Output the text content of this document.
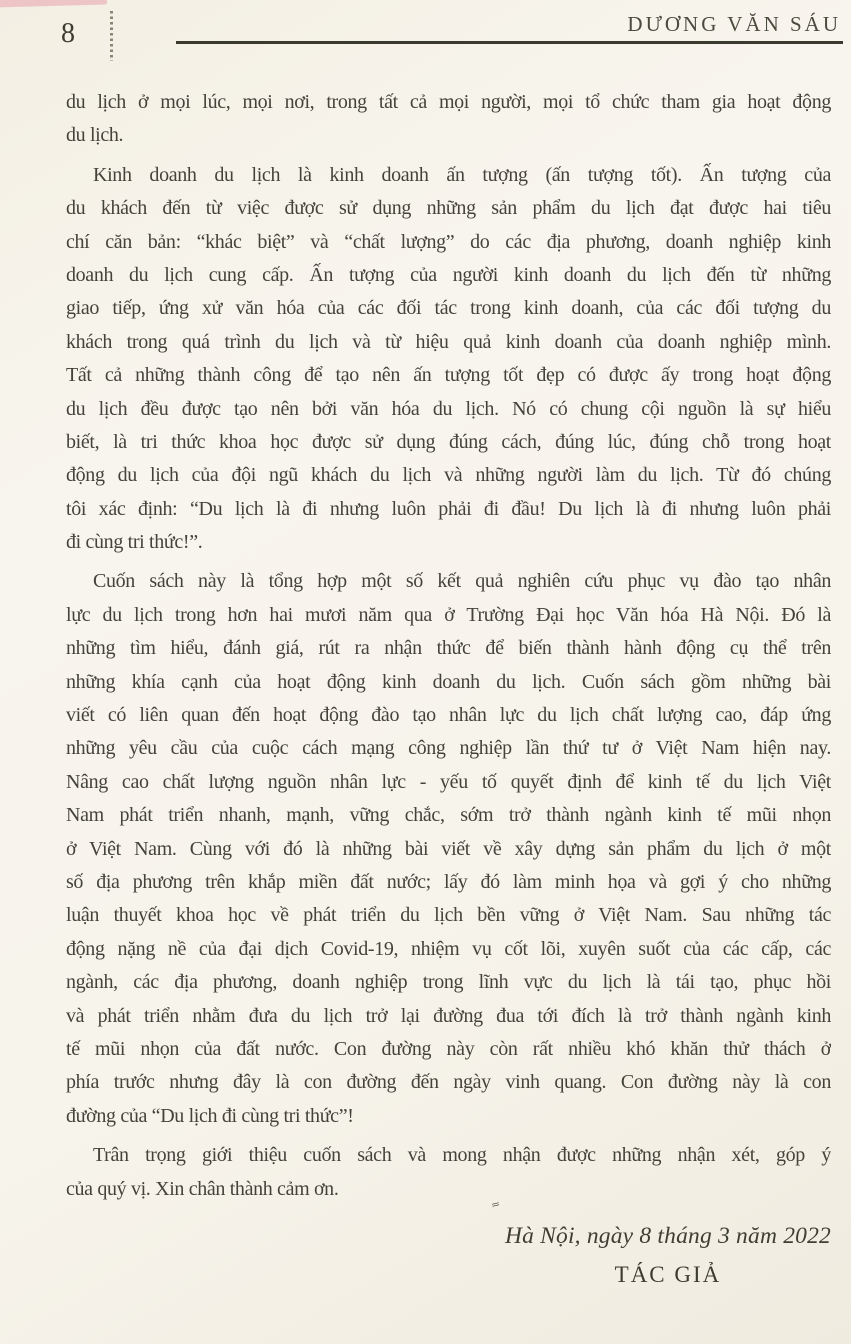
8	DƯƠNG VĂN SÁU
du lịch ở mọi lúc, mọi nơi, trong tất cả mọi người, mọi tổ chức tham gia hoạt động
du lịch.
Kinh doanh du lịch là kinh doanh ấn tượng (ấn tượng tốt). Ấn tượng của
du khách đến từ việc được sử dụng những sản phẩm du lịch đạt được hai tiêu
chí căn bản: “khác biệt” và “chất lượng” do các địa phương, doanh nghiệp kinh
doanh du lịch cung cấp. Ấn tượng của người kinh doanh du lịch đến từ những
giao tiếp, ứng xử văn hóa của các đối tác trong kinh doanh, của các đối tượng du
khách trong quá trình du lịch và từ hiệu quả kinh doanh của doanh nghiệp mình.
Tất cả những thành công để tạo nên ấn tượng tốt đẹp có được ấy trong hoạt động
du lịch đều được tạo nên bởi văn hóa du lịch. Nó có chung cội nguồn là sự hiểu
biết, là tri thức khoa học được sử dụng đúng cách, đúng lúc, đúng chỗ trong hoạt
động du lịch của đội ngũ khách du lịch và những người làm du lịch. Từ đó chúng
tôi xác định: “Du lịch là đi nhưng luôn phải đi đầu! Du lịch là đi nhưng luôn phải
đi cùng tri thức!”.
Cuốn sách này là tổng hợp một số kết quả nghiên cứu phục vụ đào tạo nhân
lực du lịch trong hơn hai mươi năm qua ở Trường Đại học Văn hóa Hà Nội. Đó là
những tìm hiểu, đánh giá, rút ra nhận thức để biến thành hành động cụ thể trên
những khía cạnh của hoạt động kinh doanh du lịch. Cuốn sách gồm những bài
viết có liên quan đến hoạt động đào tạo nhân lực du lịch chất lượng cao, đáp ứng
những yêu cầu của cuộc cách mạng công nghiệp lần thứ tư ở Việt Nam hiện nay.
Nâng cao chất lượng nguồn nhân lực - yếu tố quyết định để kinh tế du lịch Việt
Nam phát triển nhanh, mạnh, vững chắc, sớm trở thành ngành kinh tế mũi nhọn
ở Việt Nam. Cùng với đó là những bài viết về xây dựng sản phẩm du lịch ở một
số địa phương trên khắp miền đất nước; lấy đó làm minh họa và gợi ý cho những
luận thuyết khoa học về phát triển du lịch bền vững ở Việt Nam. Sau những tác
động nặng nề của đại dịch Covid-19, nhiệm vụ cốt lõi, xuyên suốt của các cấp, các
ngành, các địa phương, doanh nghiệp trong lĩnh vực du lịch là tái tạo, phục hồi
và phát triển nhằm đưa du lịch trở lại đường đua tới đích là trở thành ngành kinh
tế mũi nhọn của đất nước. Con đường này còn rất nhiều khó khăn thử thách ở
phía trước nhưng đây là con đường đến ngày vinh quang. Con đường này là con
đường của “Du lịch đi cùng tri thức”!
Trân trọng giới thiệu cuốn sách và mong nhận được những nhận xét, góp ý
của quý vị. Xin chân thành cảm ơn.
≈
Hà Nội, ngày 8 tháng 3 năm 2022
TÁC GIẢ
